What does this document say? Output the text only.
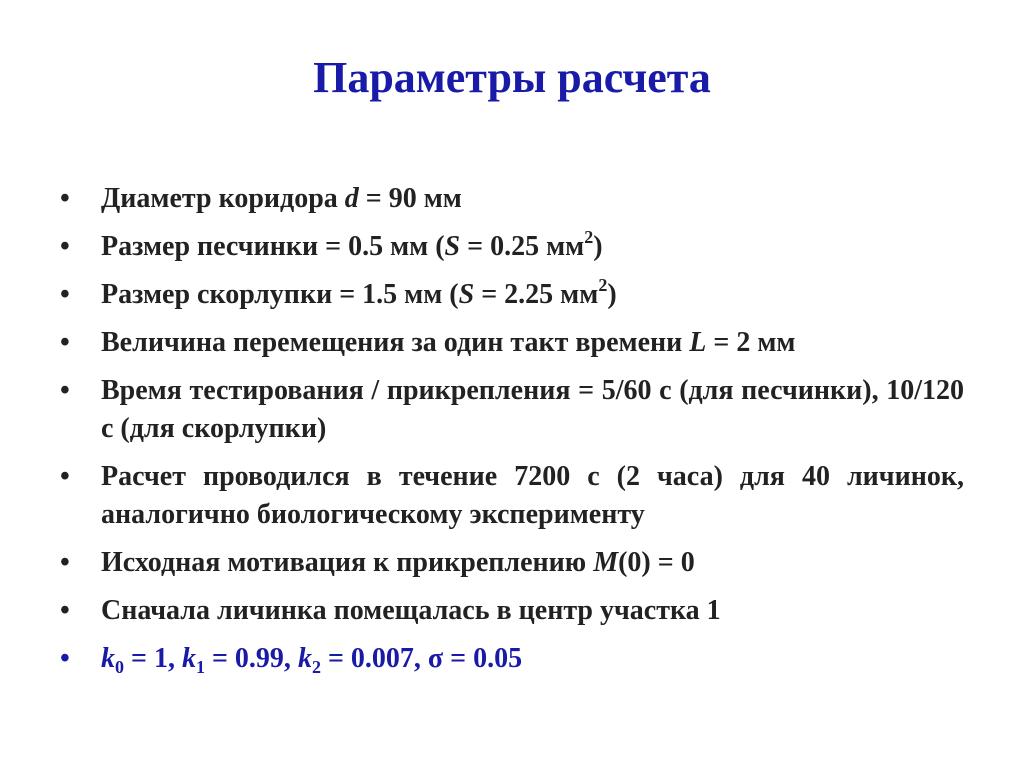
Параметры расчета
•	Диаметр коридора d = 90 мм
•	Размер песчинки = 0.5 мм (S = 0.25 $мм^2$)
•	Размер скорлупки = 1.5 мм (S = 2.25 $мм^2$)
•	Величина перемещения за один такт времени L = 2 мм
•	Время тестирования / прикрепления = 5/60 с (для песчинки), 10/120 с (для скорлупки)
•	Расчет проводился в течение 7200 с (2 часа) для 40 личинок, аналогично биологическому эксперименту
•	Исходная мотивация к прикреплению M(0) = 0
•	Сначала личинка помещалась в центр участка 1
•	$k_0 = 1$, $k_1 = 0.99$, $k_2 = 0.007$, σ = 0.05
